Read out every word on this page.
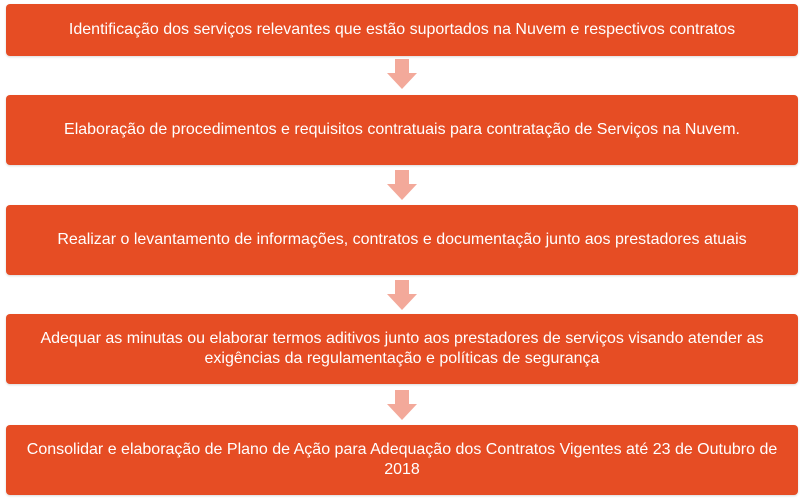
Identificação dos serviços relevantes que estão suportados na Nuvem e respectivos contratos
Elaboração de procedimentos e requisitos contratuais para contratação de Serviços na Nuvem.
Realizar o levantamento de informações, contratos e documentação junto aos prestadores atuais
Adequar as minutas ou elaborar termos aditivos junto aos prestadores de serviços visando atender as exigências da regulamentação e políticas de segurança
Consolidar e elaboração de Plano de Ação para Adequação dos Contratos Vigentes até 23 de Outubro de 2018
